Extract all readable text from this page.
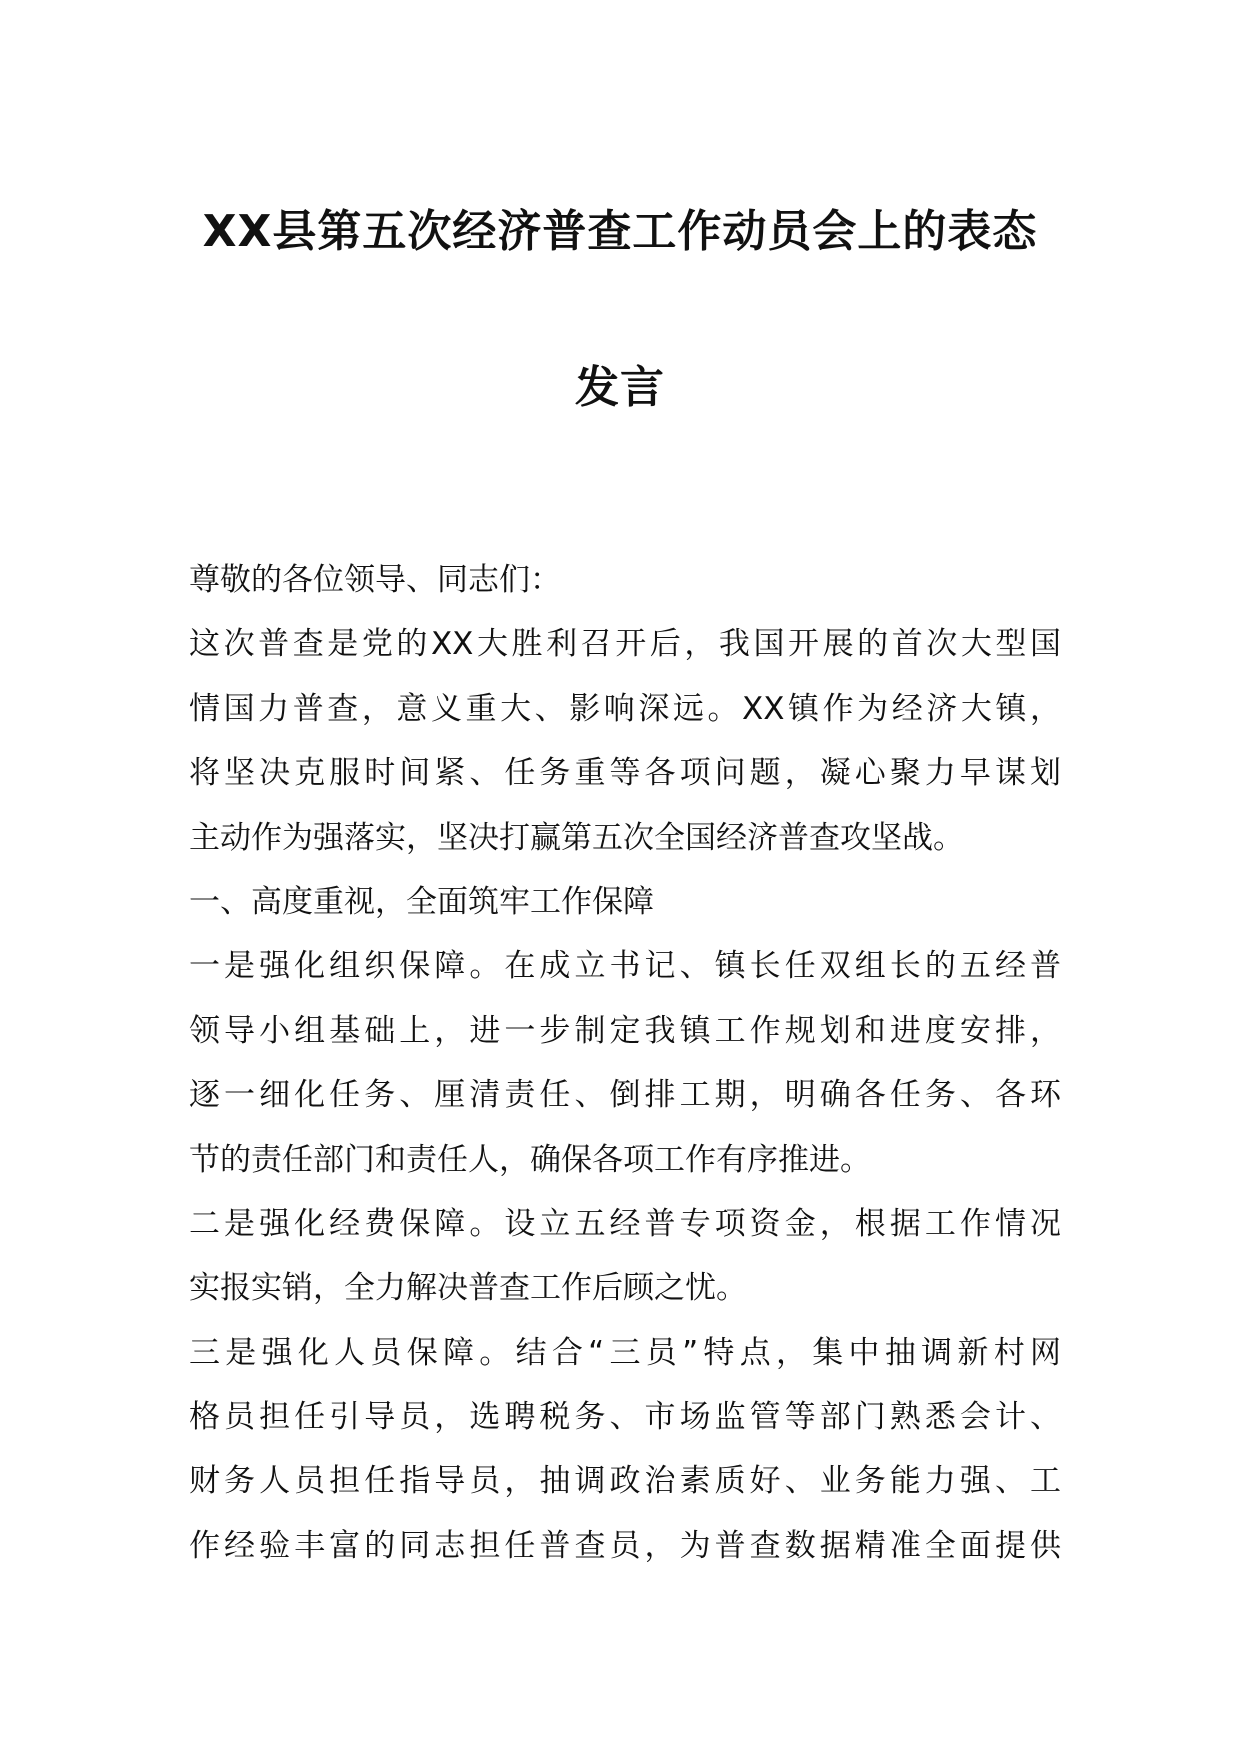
XX县第五次经济普查工作动员会上的表态
发言
尊敬的各位领导、同志们：
这次普查是党的XX大胜利召开后，我国开展的首次大型国
情国力普查，意义重大、影响深远。XX镇作为经济大镇，
将坚决克服时间紧、任务重等各项问题，凝心聚力早谋划
主动作为强落实，坚决打赢第五次全国经济普查攻坚战。
一、高度重视，全面筑牢工作保障
一是强化组织保障。在成立书记、镇长任双组长的五经普
领导小组基础上，进一步制定我镇工作规划和进度安排，
逐一细化任务、厘清责任、倒排工期，明确各任务、各环
节的责任部门和责任人，确保各项工作有序推进。
二是强化经费保障。设立五经普专项资金，根据工作情况
实报实销，全力解决普查工作后顾之忧。
三是强化人员保障。结合“三员”特点，集中抽调新村网
格员担任引导员，选聘税务、市场监管等部门熟悉会计、
财务人员担任指导员，抽调政治素质好、业务能力强、工
作经验丰富的同志担任普查员，为普查数据精准全面提供
